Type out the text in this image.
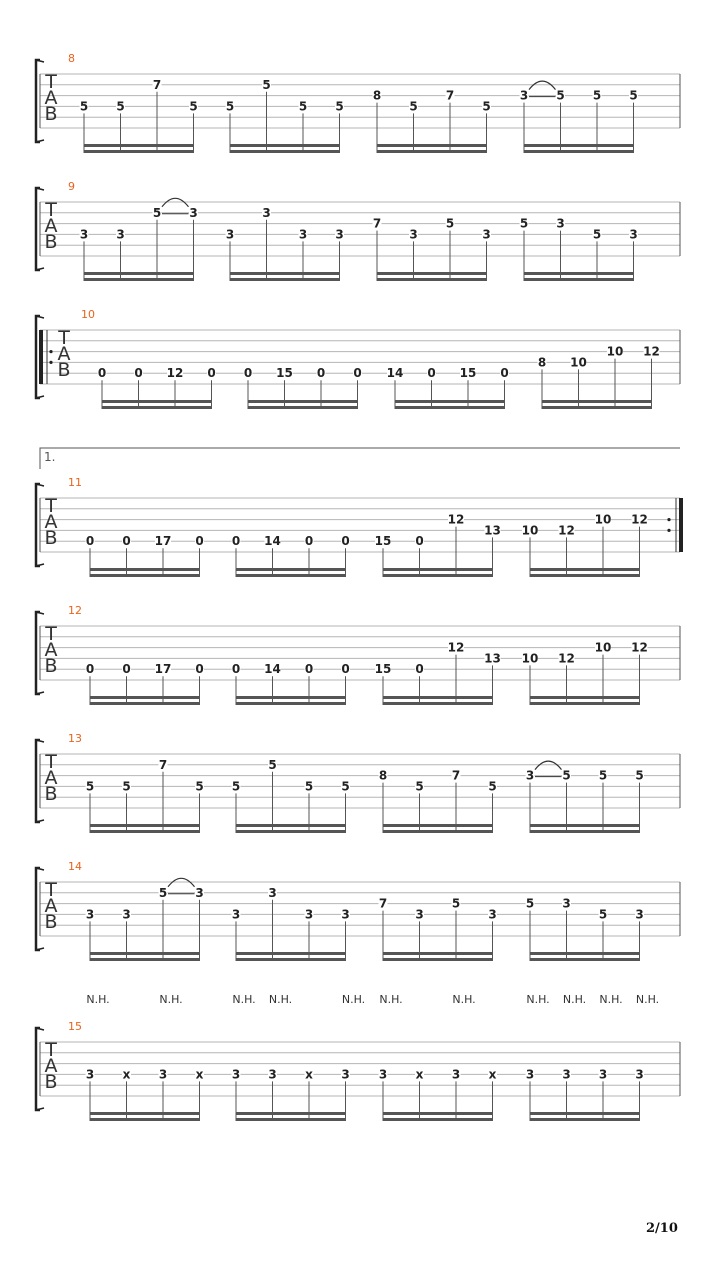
T
A
B
8
5 5
7
5 5
5
5 5
8
5
7
5
3 5 5 5
T
A
B
9
3 3
5 3
3
3
3 3
7
3
5
3
5 3
5 3
T
A
B
10
0 0 12 0 0 15 0 0 14 0 15 0
8 10
10 12
T
A
B
11
1.
0 0 17 0 0 14 0 0 15 0
12
13 10 12
10 12
T
A
B
12
0 0 17 0 0 14 0 0 15 0
12
13 10 12
10 12
T
A
B
13
5 5
7
5 5
5
5 5
8
5
7
5
3 5 5 5
T
A
B
14
3 3
5 3
3
3
3 3
7
3
5
3
5 3
5 3
T
A
B
15
3
N.H.
x 3
N.H.
x 3
N.H.
3
N.H.
x 3
N.H.
3
N.H.
x 3
N.H.
x 3
N.H.
3
N.H.
3
N.H.
3
N.H.
2/10
